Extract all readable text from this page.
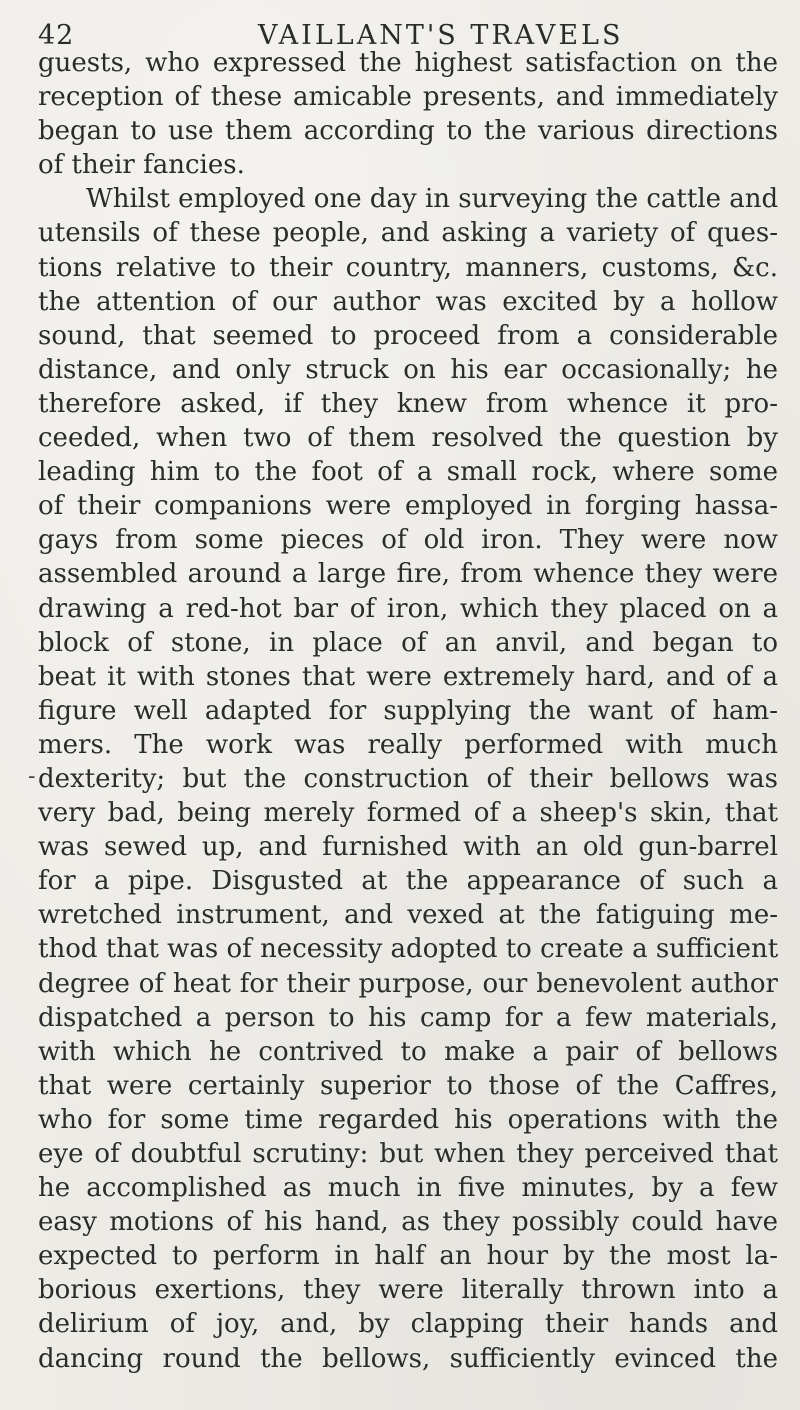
42	VAILLANT'S TRAVELS
guests, who expressed the highest satisfaction on the
reception of these amicable presents, and immediately
began to use them according to the various directions
of their fancies.
Whilst employed one day in surveying the cattle and
utensils of these people, and asking a variety of ques-
tions relative to their country, manners, customs, &c.
the attention of our author was excited by a hollow
sound, that seemed to proceed from a considerable
distance, and only struck on his ear occasionally; he
therefore asked, if they knew from whence it pro-
ceeded, when two of them resolved the question by
leading him to the foot of a small rock, where some
of their companions were employed in forging hassa-
gays from some pieces of old iron. They were now
assembled around a large fire, from whence they were
drawing a red-hot bar of iron, which they placed on a
block of stone, in place of an anvil, and began to
beat it with stones that were extremely hard, and of a
figure well adapted for supplying the want of ham-
mers. The work was really performed with much
dexterity; but the construction of their bellows was
very bad, being merely formed of a sheep's skin, that
was sewed up, and furnished with an old gun-barrel
for a pipe. Disgusted at the appearance of such a
wretched instrument, and vexed at the fatiguing me-
thod that was of necessity adopted to create a sufficient
degree of heat for their purpose, our benevolent author
dispatched a person to his camp for a few materials,
with which he contrived to make a pair of bellows
that were certainly superior to those of the Caffres,
who for some time regarded his operations with the
eye of doubtful scrutiny: but when they perceived that
he accomplished as much in five minutes, by a few
easy motions of his hand, as they possibly could have
expected to perform in half an hour by the most la-
borious exertions, they were literally thrown into a
delirium of joy, and, by clapping their hands and
dancing round the bellows, sufficiently evinced the
-
